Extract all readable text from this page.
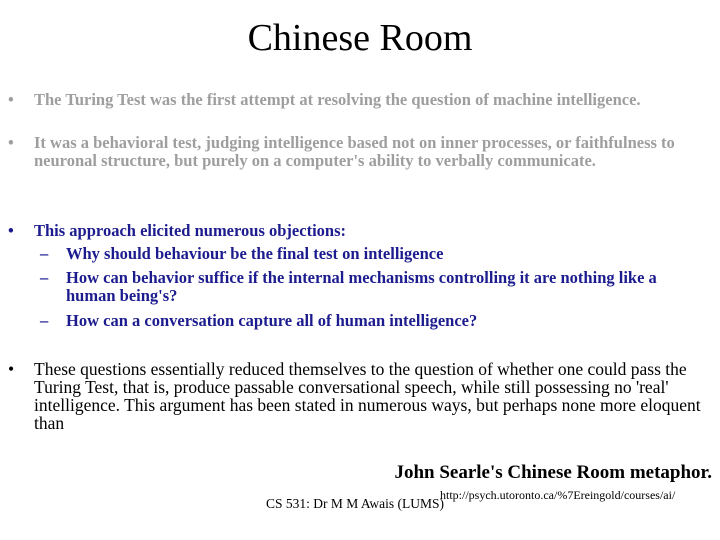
Chinese Room
• The Turing Test was the first attempt at resolving the question of machine intelligence.
• It was a behavioral test, judging intelligence based not on inner processes, or faithfulness to neuronal structure, but purely on a computer's ability to verbally communicate.
• This approach elicited numerous objections:
– Why should behaviour be the final test on intelligence
– How can behavior suffice if the internal mechanisms controlling it are nothing like a human being's?
– How can a conversation capture all of human intelligence?
• These questions essentially reduced themselves to the question of whether one could pass the Turing Test, that is, produce passable conversational speech, while still possessing no 'real' intelligence. This argument has been stated in numerous ways, but perhaps none more eloquent than
John Searle's Chinese Room metaphor.
http://psych.utoronto.ca/%7Ereingold/courses/ai/
CS 531: Dr M M Awais (LUMS)
